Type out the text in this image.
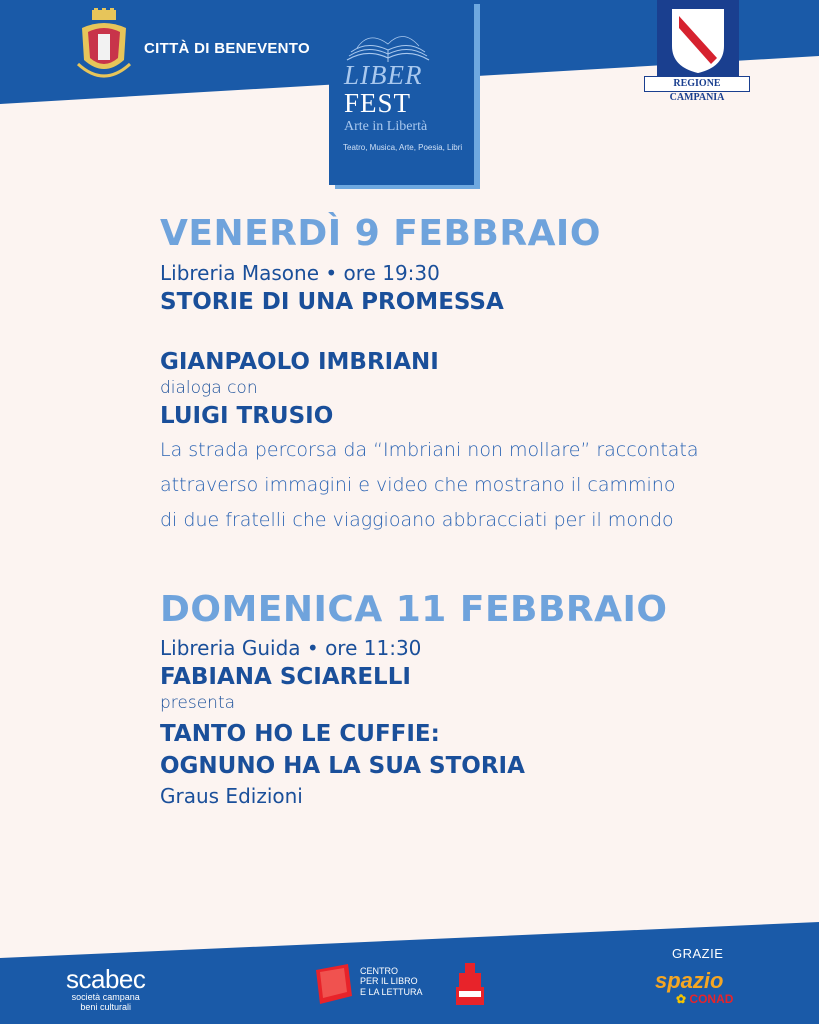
CITTÀ DI BENEVENTO
LIBER
FEST
Arte in Libertà
Teatro, Musica, Arte, Poesia, Libri
REGIONE CAMPANIA
VENERDÌ 9 FEBBRAIO
Libreria Masone • ore 19:30
STORIE DI UNA PROMESSA
GIANPAOLO IMBRIANI
dialoga con
LUIGI TRUSIO
La strada percorsa da “Imbriani non mollare” raccontata
attraverso immagini e video che mostrano il cammino
di due fratelli che viaggioano abbracciati per il mondo
DOMENICA 11 FEBBRAIO
Libreria Guida • ore 11:30
FABIANA SCIARELLI
presenta
TANTO HO LE CUFFIE:
OGNUNO HA LA SUA STORIA
Graus Edizioni
scabec
società campana
beni culturali
CENTRO
PER IL LIBRO
E LA LETTURA
GRAZIE
spazio
✿ CONAD
